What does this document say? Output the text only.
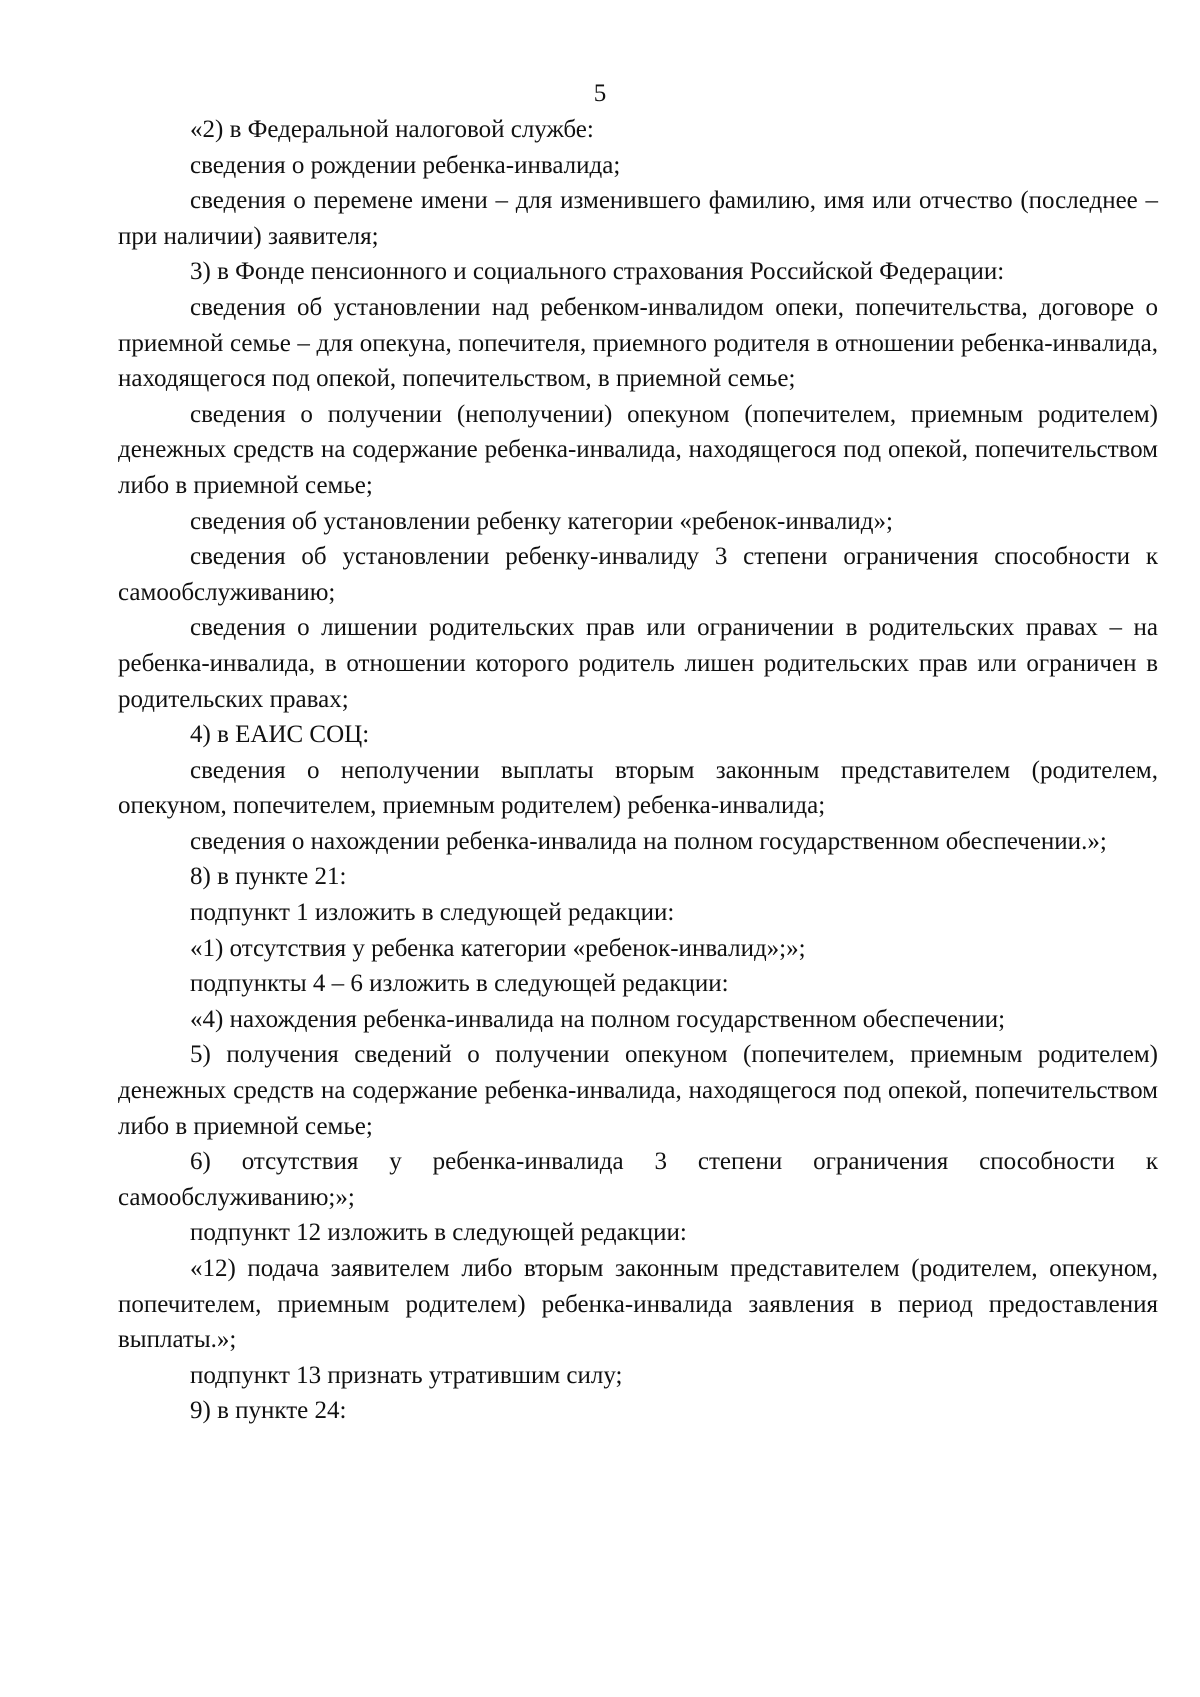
5

«2) в Федеральной налоговой службе:

сведения о рождении ребенка-инвалида;

сведения о перемене имени – для изменившего фамилию, имя или отчество (последнее – при наличии) заявителя;

3) в Фонде пенсионного и социального страхования Российской Федерации:

сведения об установлении над ребенком-инвалидом опеки, попечительства, договоре о приемной семье – для опекуна, попечителя, приемного родителя в отношении ребенка-инвалида, находящегося под опекой, попечительством, в приемной семье;

сведения о получении (неполучении) опекуном (попечителем, приемным родителем) денежных средств на содержание ребенка-инвалида, находящегося под опекой, попечительством либо в приемной семье;

сведения об установлении ребенку категории «ребенок-инвалид»;

сведения об установлении ребенку-инвалиду 3 степени ограничения способности к самообслуживанию;

сведения о лишении родительских прав или ограничении в родительских правах – на ребенка-инвалида, в отношении которого родитель лишен родительских прав или ограничен в родительских правах;

4) в ЕАИС СОЦ:

сведения о неполучении выплаты вторым законным представителем (родителем, опекуном, попечителем, приемным родителем) ребенка-инвалида;

сведения о нахождении ребенка-инвалида на полном государственном обеспечении.»;

8) в пункте 21:

подпункт 1 изложить в следующей редакции:

«1) отсутствия у ребенка категории «ребенок-инвалид»;»;

подпункты 4 – 6 изложить в следующей редакции:

«4) нахождения ребенка-инвалида на полном государственном обеспечении;

5) получения сведений о получении опекуном (попечителем, приемным родителем) денежных средств на содержание ребенка-инвалида, находящегося под опекой, попечительством либо в приемной семье;

6) отсутствия у ребенка-инвалида 3 степени ограничения способности к самообслуживанию;»;

подпункт 12 изложить в следующей редакции:

«12) подача заявителем либо вторым законным представителем (родителем, опекуном, попечителем, приемным родителем) ребенка-инвалида заявления в период предоставления выплаты.»;

подпункт 13 признать утратившим силу;

9) в пункте 24:
